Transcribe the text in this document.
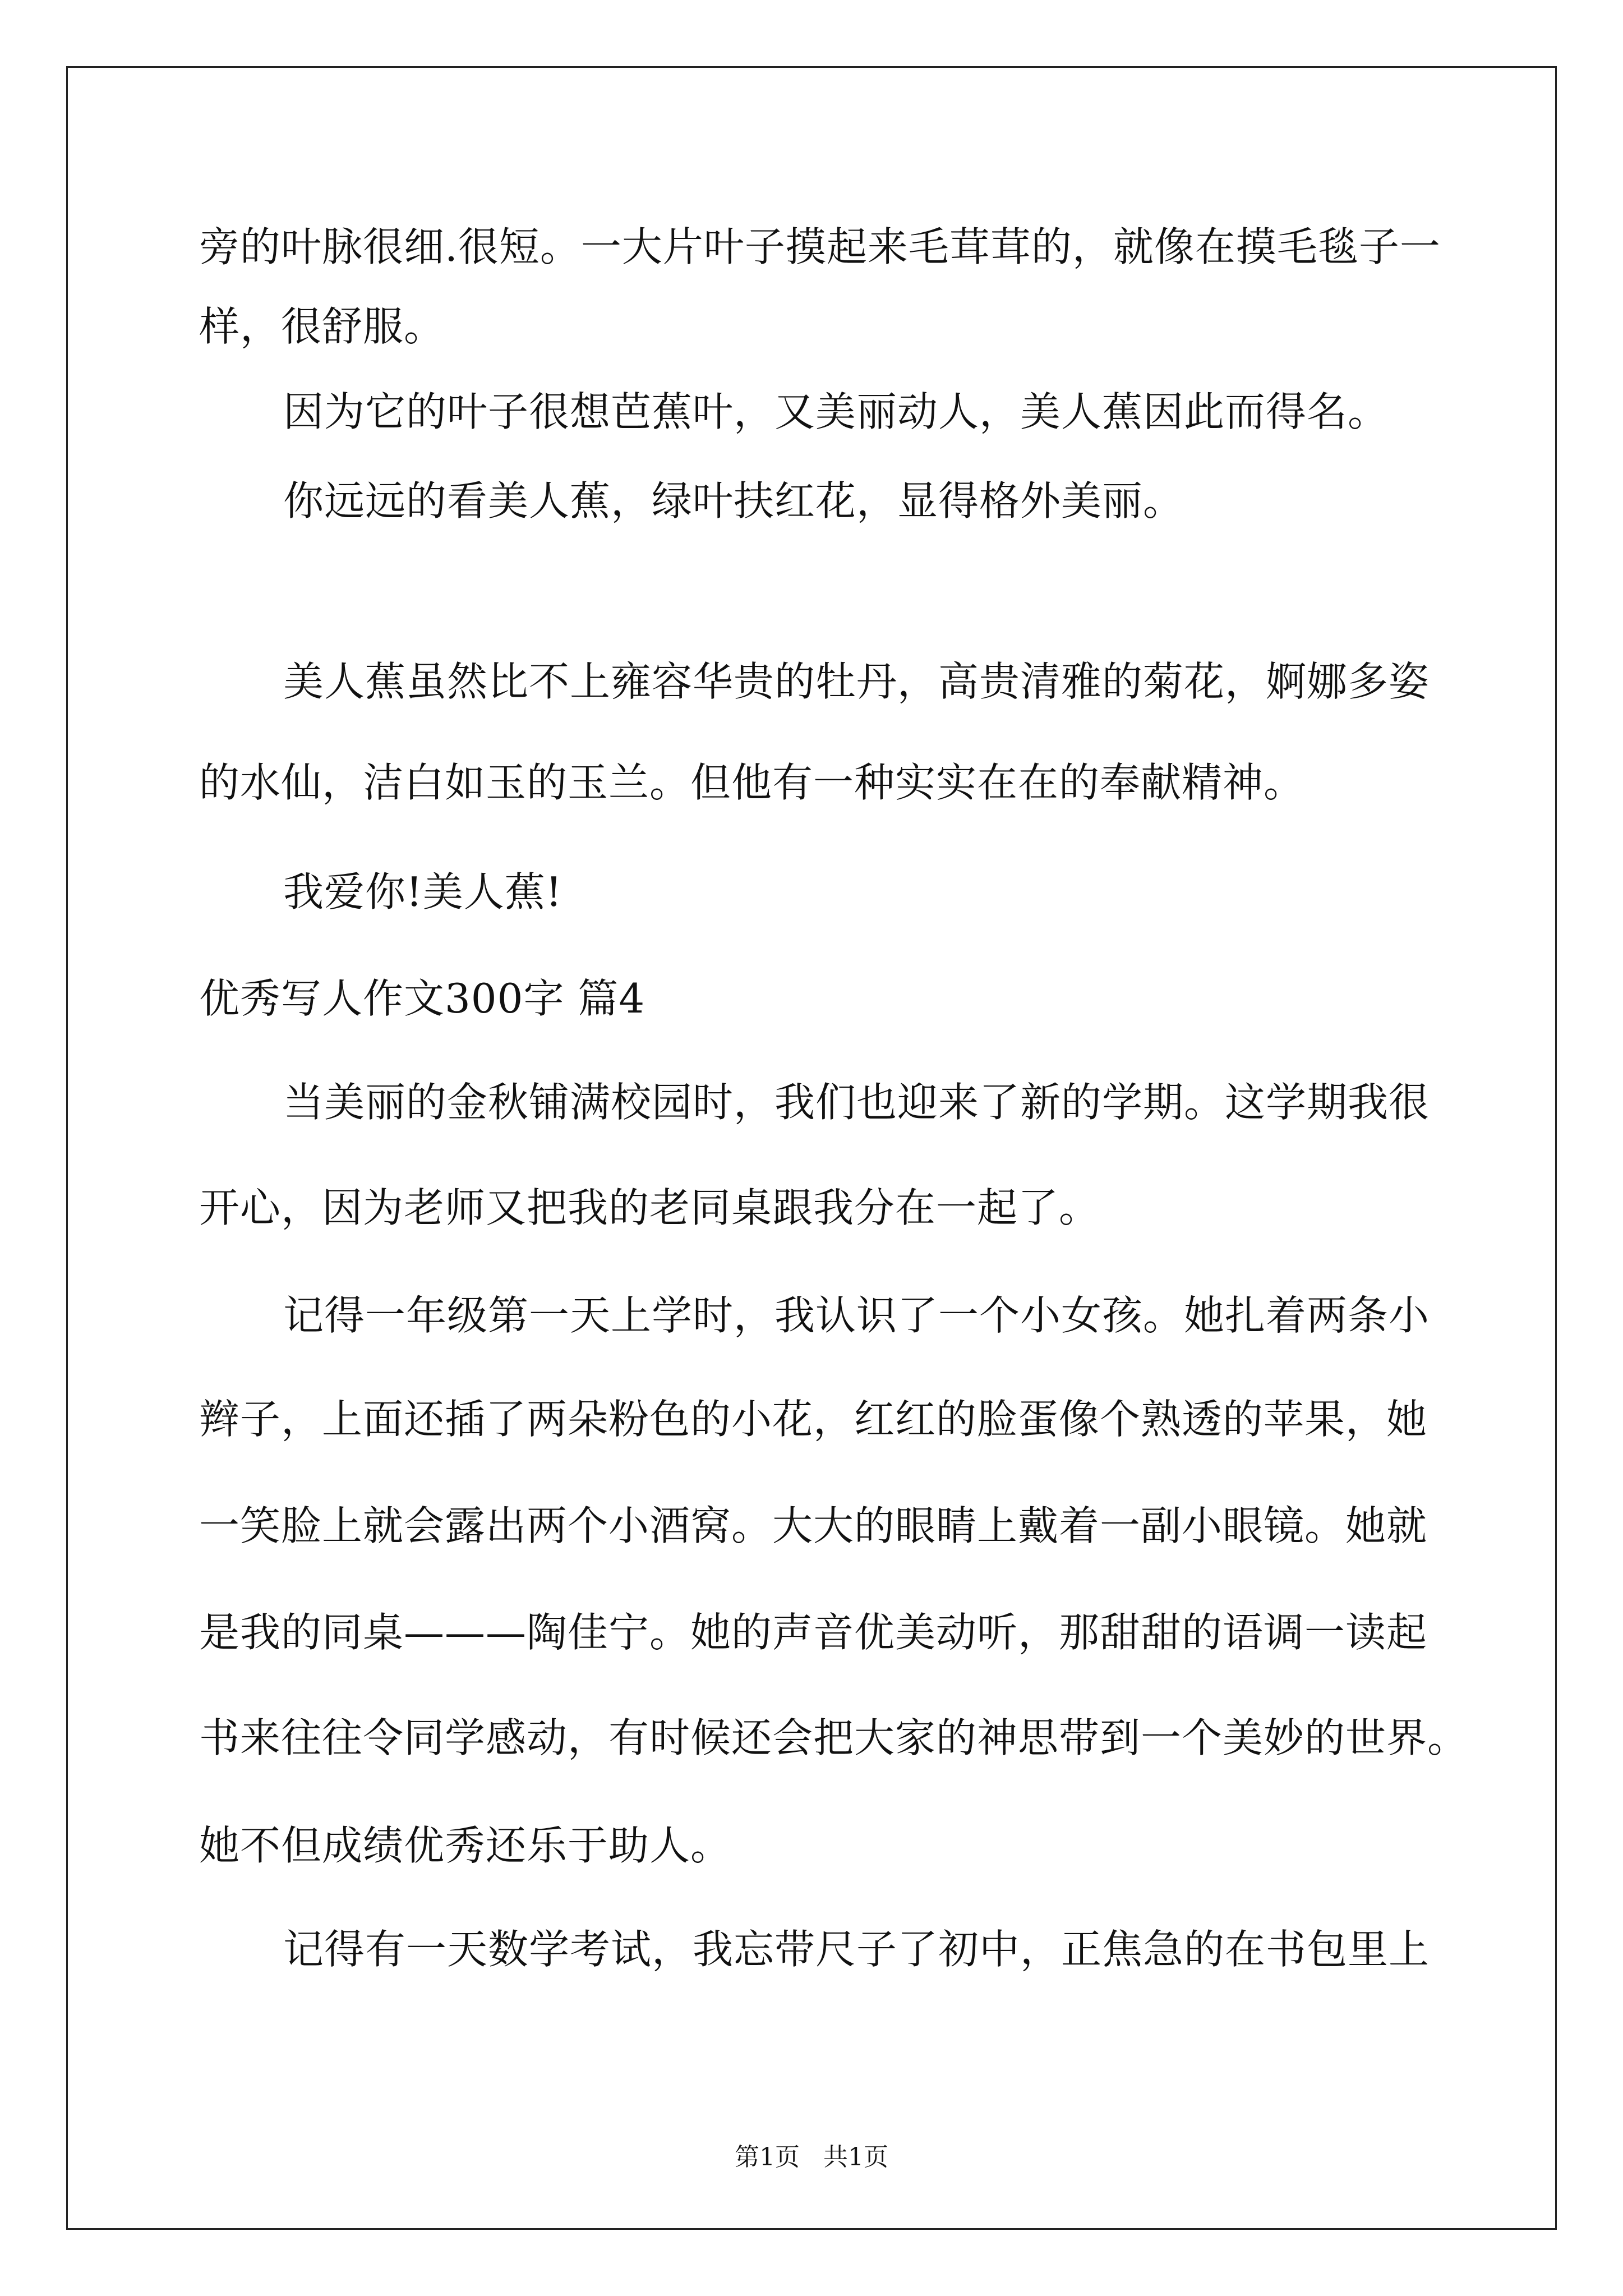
旁的叶脉很细.很短。一大片叶子摸起来毛茸茸的，就像在摸毛毯子一
样，很舒服。
因为它的叶子很想芭蕉叶，又美丽动人，美人蕉因此而得名。
你远远的看美人蕉，绿叶扶红花，显得格外美丽。
美人蕉虽然比不上雍容华贵的牡丹，高贵清雅的菊花，婀娜多姿
的水仙，洁白如玉的玉兰。但他有一种实实在在的奉献精神。
我爱你!美人蕉!
优秀写人作文300字 篇4
当美丽的金秋铺满校园时，我们也迎来了新的学期。这学期我很
开心，因为老师又把我的老同桌跟我分在一起了。
记得一年级第一天上学时，我认识了一个小女孩。她扎着两条小
辫子，上面还插了两朵粉色的小花，红红的脸蛋像个熟透的苹果，她
一笑脸上就会露出两个小酒窝。大大的眼睛上戴着一副小眼镜。她就
是我的同桌———陶佳宁。她的声音优美动听，那甜甜的语调一读起
书来往往令同学感动，有时候还会把大家的神思带到一个美妙的世界。
她不但成绩优秀还乐于助人。
记得有一天数学考试，我忘带尺子了初中，正焦急的在书包里上
第1页 共1页
